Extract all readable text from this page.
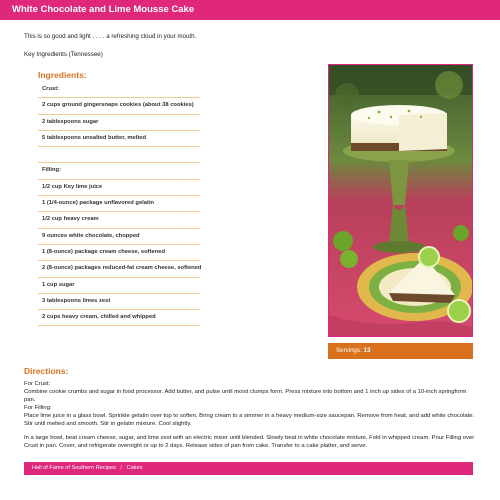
White Chocolate and Lime Mousse Cake
This is so good and light . . . . a refreshing cloud in your mouth.
Key Ingredients (Tennessee)
Ingredients:
Crust:
2 cups ground gingersnaps cookies (about 38 cookies)
2 tablespoons sugar
5 tablespoons unsalted butter, melted
Filling:
1/2 cup Key lime juice
1 (1/4-ounce) package unflavored gelatin
1/2 cup heavy cream
9 ounces white chocolate, chopped
1 (8-ounce) package cream cheese, softened
2 (8-ounce) packages reduced-fat cream cheese, softened
1 cup sugar
3 tablespoons limes zest
2 cups heavy cream, chilled and whipped
Servings: 13
Directions:
For Crust:
Combine cookie crumbs and sugar in food processor. Add butter, and pulse until moist clumps form. Press mixture into bottom and 1 inch up sides of a 10-inch springform pan.
For Filling:
Place lime juice in a glass bowl. Sprinkle gelatin over top to soften. Bring cream to a simmer in a heavy medium-size saucepan. Remove from heat, and add white chocolate. Stir until melted and smooth. Stir in gelatin mixture. Cool slightly.
In a large bowl, beat cream cheese, sugar, and lime zest with an electric mixer until blended. Slowly beat in white chocolate mixture. Fold in whipped cream. Pour Filling over Crust in pan. Cover, and refrigerate overnight or up to 2 days. Release sides of pan from cake. Transfer to a cake platter, and serve.
Hall of Fame of Southern Recipes / Cakes
